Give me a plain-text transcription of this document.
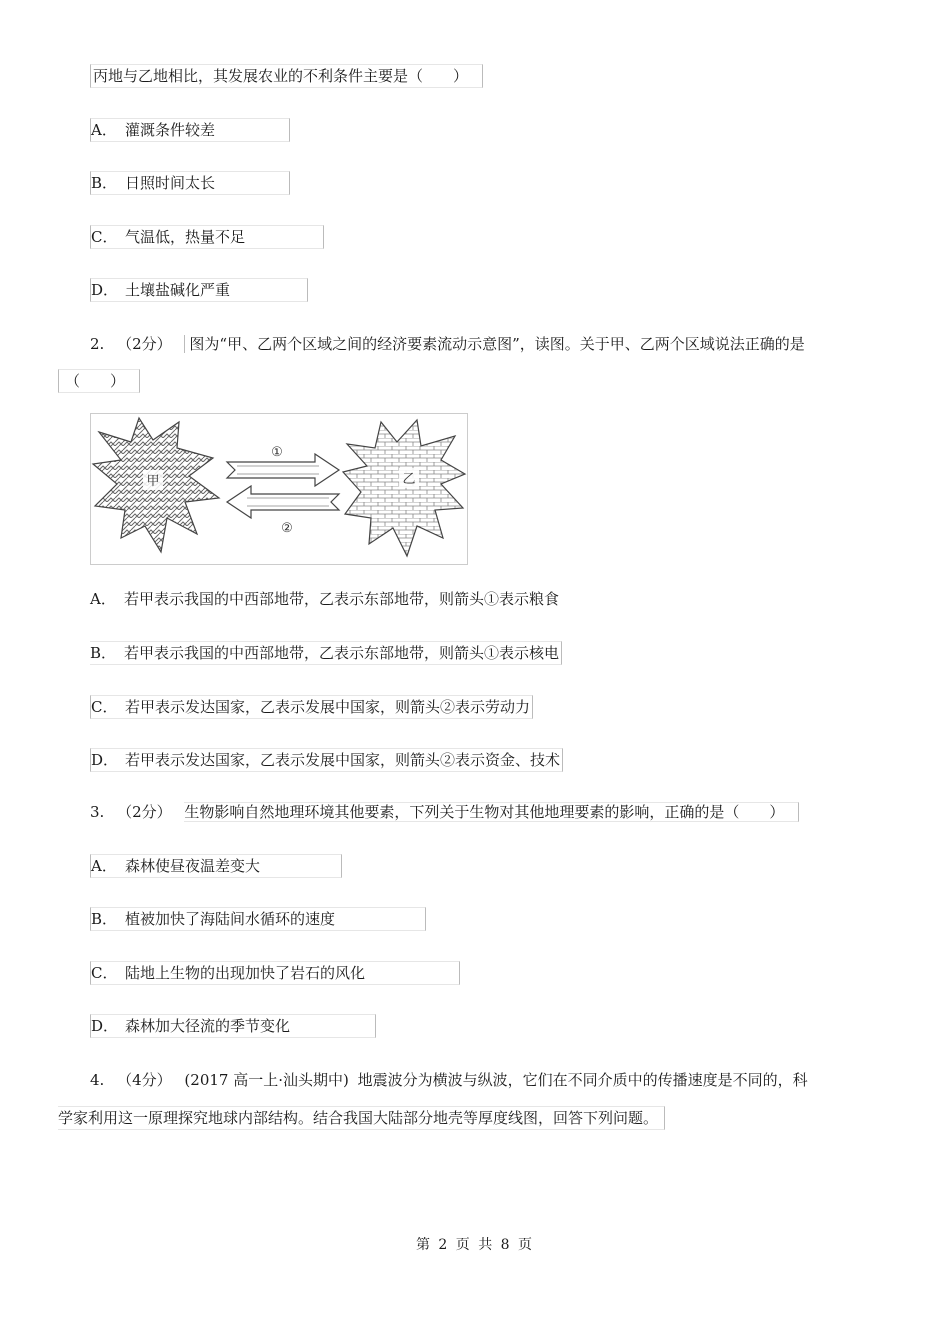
丙地与乙地相比，其发展农业的不利条件主要是（　　）
A． 灌溉条件较差
B． 日照时间太长
C． 气温低，热量不足
D． 土壤盐碱化严重
2. （2分） 图为“甲、乙两个区域之间的经济要素流动示意图”，读图。关于甲、乙两个区域说法正确的是
（　　）
甲
①
②
乙
A． 若甲表示我国的中西部地带，乙表示东部地带，则箭头①表示粮食
B． 若甲表示我国的中西部地带，乙表示东部地带，则箭头①表示核电
C． 若甲表示发达国家，乙表示发展中国家，则箭头②表示劳动力
D． 若甲表示发达国家，乙表示发展中国家，则箭头②表示资金、技术
3. （2分） 生物影响自然地理环境其他要素，下列关于生物对其他地理要素的影响，正确的是（　　）
A． 森林使昼夜温差变大
B． 植被加快了海陆间水循环的速度
C． 陆地上生物的出现加快了岩石的风化
D． 森林加大径流的季节变化
4. （4分） (2017 高一上·汕头期中) 地震波分为横波与纵波，它们在不同介质中的传播速度是不同的，科
学家利用这一原理探究地球内部结构。结合我国大陆部分地壳等厚度线图，回答下列问题。
第 2 页 共 8 页
